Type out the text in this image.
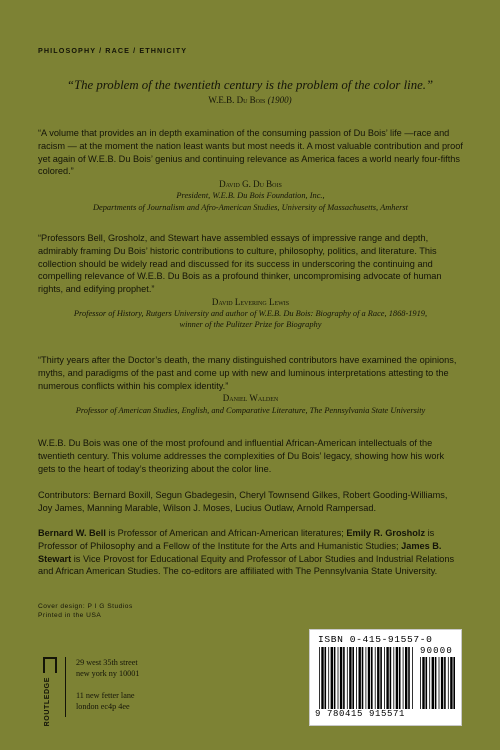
PHILOSOPHY / RACE / ETHNICITY
“The problem of the twentieth century is the problem of the color line.”
W.E.B. Du Bois (1900)
“A volume that provides an in depth examination of the consuming passion of Du Bois’ life —race and racism — at the moment the nation least wants but most needs it. A most valuable contribution and proof yet again of W.E.B. Du Bois’ genius and continuing relevance as America faces a world nearly four-fifths colored.”
David G. Du Bois
President, W.E.B. Du Bois Foundation, Inc.,
Departments of Journalism and Afro-American Studies, University of Massachusetts, Amherst
“Professors Bell, Grosholz, and Stewart have assembled essays of impressive range and depth, admirably framing Du Bois’ historic contributions to culture, philosophy, politics, and literature. This collection should be widely read and discussed for its success in underscoring the continuing and compelling relevance of W.E.B. Du Bois as a profound thinker, uncompromising advocate of human rights, and edifying prophet.”
David Levering Lewis
Professor of History, Rutgers University and author of W.E.B. Du Bois: Biography of a Race, 1868-1919,
winner of the Pulitzer Prize for Biography
“Thirty years after the Doctor’s death, the many distinguished contributors have examined the opinions, myths, and paradigms of the past and come up with new and luminous interpretations attesting to the numerous conflicts within his complex identity.”
Daniel Walden
Professor of American Studies, English, and Comparative Literature, The Pennsylvania State University
W.E.B. Du Bois was one of the most profound and influential African-American intellectuals of the twentieth century. This volume addresses the complexities of Du Bois’ legacy, showing how his work gets to the heart of today’s theorizing about the color line.
Contributors: Bernard Boxill, Segun Gbadegesin, Cheryl Townsend Gilkes, Robert Gooding-Williams, Joy James, Manning Marable, Wilson J. Moses, Lucius Outlaw, Arnold Rampersad.
Bernard W. Bell is Professor of American and African-American literatures; Emily R. Grosholz is Professor of Philosophy and a Fellow of the Institute for the Arts and Humanistic Studies; James B. Stewart is Vice Provost for Educational Equity and Professor of Labor Studies and Industrial Relations and African American Studies. The co-editors are affiliated with The Pennsylvania State University.
Cover design: P I G Studios
Printed in the USA
ROUTLEDGE
29 west 35th street
new york ny 10001
11 new fetter lane
london ec4p 4ee
ISBN 0-415-91557-0
90000
9 780415 915571
